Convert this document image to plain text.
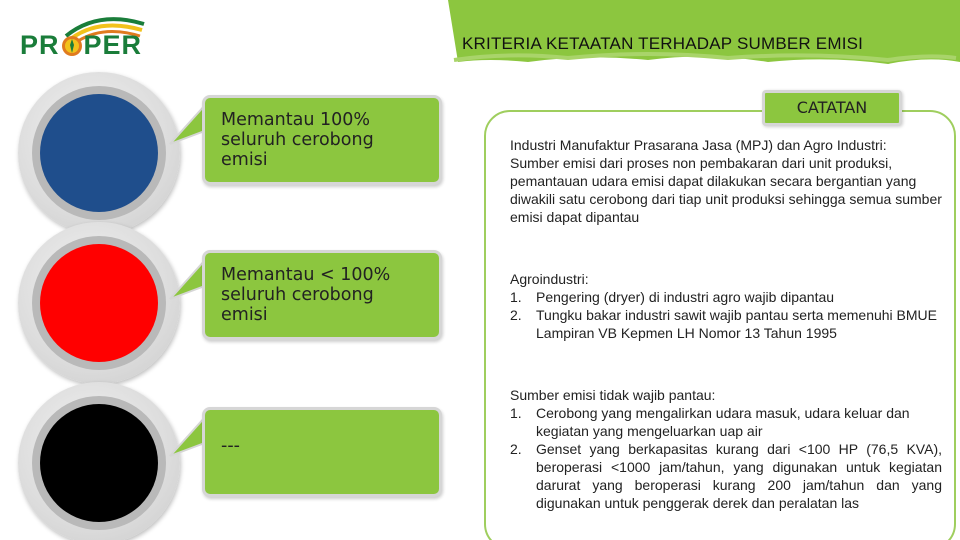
PR PER	KRITERIA KETAATAN TERHADAP SUMBER EMISI
Memantau 100%
seluruh cerobong
emisi
Memantau < 100%
seluruh cerobong
emisi
---
CATATAN

Industri Manufaktur Prasarana Jasa (MPJ) dan Agro Industri:

Sumber emisi dari proses non pembakaran dari unit produksi, pemantauan udara emisi dapat dilakukan secara bergantian yang diwakili satu cerobong dari tiap unit produksi sehingga semua sumber emisi dapat dipantau

Agroindustri:

1. Pengering (dryer) di industri agro wajib dipantau
2. Tungku bakar industri sawit wajib pantau serta memenuhi BMUE Lampiran VB Kepmen LH Nomor 13 Tahun 1995

Sumber emisi tidak wajib pantau:

1. Cerobong yang mengalirkan udara masuk, udara keluar dan kegiatan yang mengeluarkan uap air
2. Genset yang berkapasitas kurang dari <100 HP (76,5 KVA), beroperasi <1000 jam/tahun, yang digunakan untuk kegiatan darurat yang beroperasi kurang 200 jam/tahun dan yang digunakan untuk penggerak derek dan peralatan las
